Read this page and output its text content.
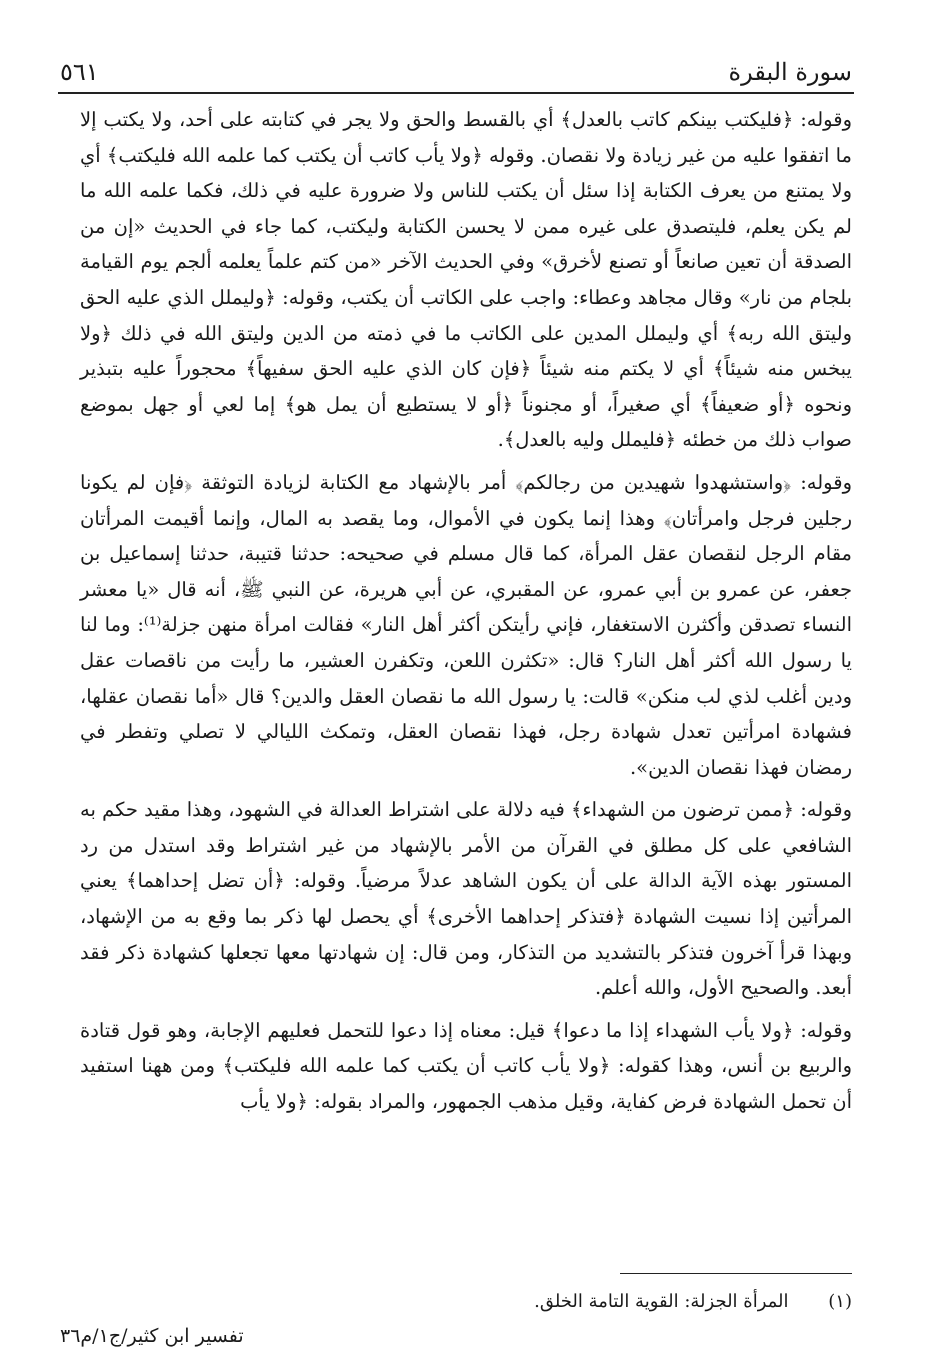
سورة البقرة
٥٦١

وقوله: ﴿فليكتب بينكم كاتب بالعدل﴾ أي بالقسط والحق ولا يجر في كتابته على أحد، ولا يكتب إلا ما اتفقوا عليه من غير زيادة ولا نقصان. وقوله ﴿ولا يأب كاتب أن يكتب كما علمه الله فليكتب﴾ أي ولا يمتنع من يعرف الكتابة إذا سئل أن يكتب للناس ولا ضرورة عليه في ذلك، فكما علمه الله ما لم يكن يعلم، فليتصدق على غيره ممن لا يحسن الكتابة وليكتب، كما جاء في الحديث «إن من الصدقة أن تعين صانعاً أو تصنع لأخرق» وفي الحديث الآخر «من كتم علماً يعلمه ألجم يوم القيامة بلجام من نار» وقال مجاهد وعطاء: واجب على الكاتب أن يكتب، وقوله: ﴿وليملل الذي عليه الحق وليتق الله ربه﴾ أي وليملل المدين على الكاتب ما في ذمته من الدين وليتق الله في ذلك ﴿ولا يبخس منه شيئاً﴾ أي لا يكتم منه شيئاً ﴿فإن كان الذي عليه الحق سفيهاً﴾ محجوراً عليه بتبذير ونحوه ﴿أو ضعيفاً﴾ أي صغيراً، أو مجنوناً ﴿أو لا يستطيع أن يمل هو﴾ إما لعي أو جهل بموضع صواب ذلك من خطئه ﴿فليملل وليه بالعدل﴾.

وقوله: ﴿واستشهدوا شهيدين من رجالكم﴾ أمر بالإشهاد مع الكتابة لزيادة التوثقة ﴿فإن لم يكونا رجلين فرجل وامرأتان﴾ وهذا إنما يكون في الأموال، وما يقصد به المال، وإنما أقيمت المرأتان مقام الرجل لنقصان عقل المرأة، كما قال مسلم في صحيحه: حدثنا قتيبة، حدثنا إسماعيل بن جعفر، عن عمرو بن أبي عمرو، عن المقبري، عن أبي هريرة، عن النبي ﷺ، أنه قال «يا معشر النساء تصدقن وأكثرن الاستغفار، فإني رأيتكن أكثر أهل النار» فقالت امرأة منهن جزلة⁽¹⁾: وما لنا يا رسول الله أكثر أهل النار؟ قال: «تكثرن اللعن، وتكفرن العشير، ما رأيت من ناقصات عقل ودين أغلب لذي لب منكن» قالت: يا رسول الله ما نقصان العقل والدين؟ قال «أما نقصان عقلها، فشهادة امرأتين تعدل شهادة رجل، فهذا نقصان العقل، وتمكث الليالي لا تصلي وتفطر في رمضان فهذا نقصان الدين».

وقوله: ﴿ممن ترضون من الشهداء﴾ فيه دلالة على اشتراط العدالة في الشهود، وهذا مقيد حكم به الشافعي على كل مطلق في القرآن من الأمر بالإشهاد من غير اشتراط وقد استدل من رد المستور بهذه الآية الدالة على أن يكون الشاهد عدلاً مرضياً. وقوله: ﴿أن تضل إحداهما﴾ يعني المرأتين إذا نسيت الشهادة ﴿فتذكر إحداهما الأخرى﴾ أي يحصل لها ذكر بما وقع به من الإشهاد، وبهذا قرأ آخرون فتذكر بالتشديد من التذكار، ومن قال: إن شهادتها معها تجعلها كشهادة ذكر فقد أبعد. والصحيح الأول، والله أعلم.

وقوله: ﴿ولا يأب الشهداء إذا ما دعوا﴾ قيل: معناه إذا دعوا للتحمل فعليهم الإجابة، وهو قول قتادة والربيع بن أنس، وهذا كقوله: ﴿ولا يأب كاتب أن يكتب كما علمه الله فليكتب﴾ ومن ههنا استفيد أن تحمل الشهادة فرض كفاية، وقيل مذهب الجمهور، والمراد بقوله: ﴿ولا يأب

(١) المرأة الجزلة: القوية التامة الخلق.
تفسير ابن كثير/ج١/م٣٦
